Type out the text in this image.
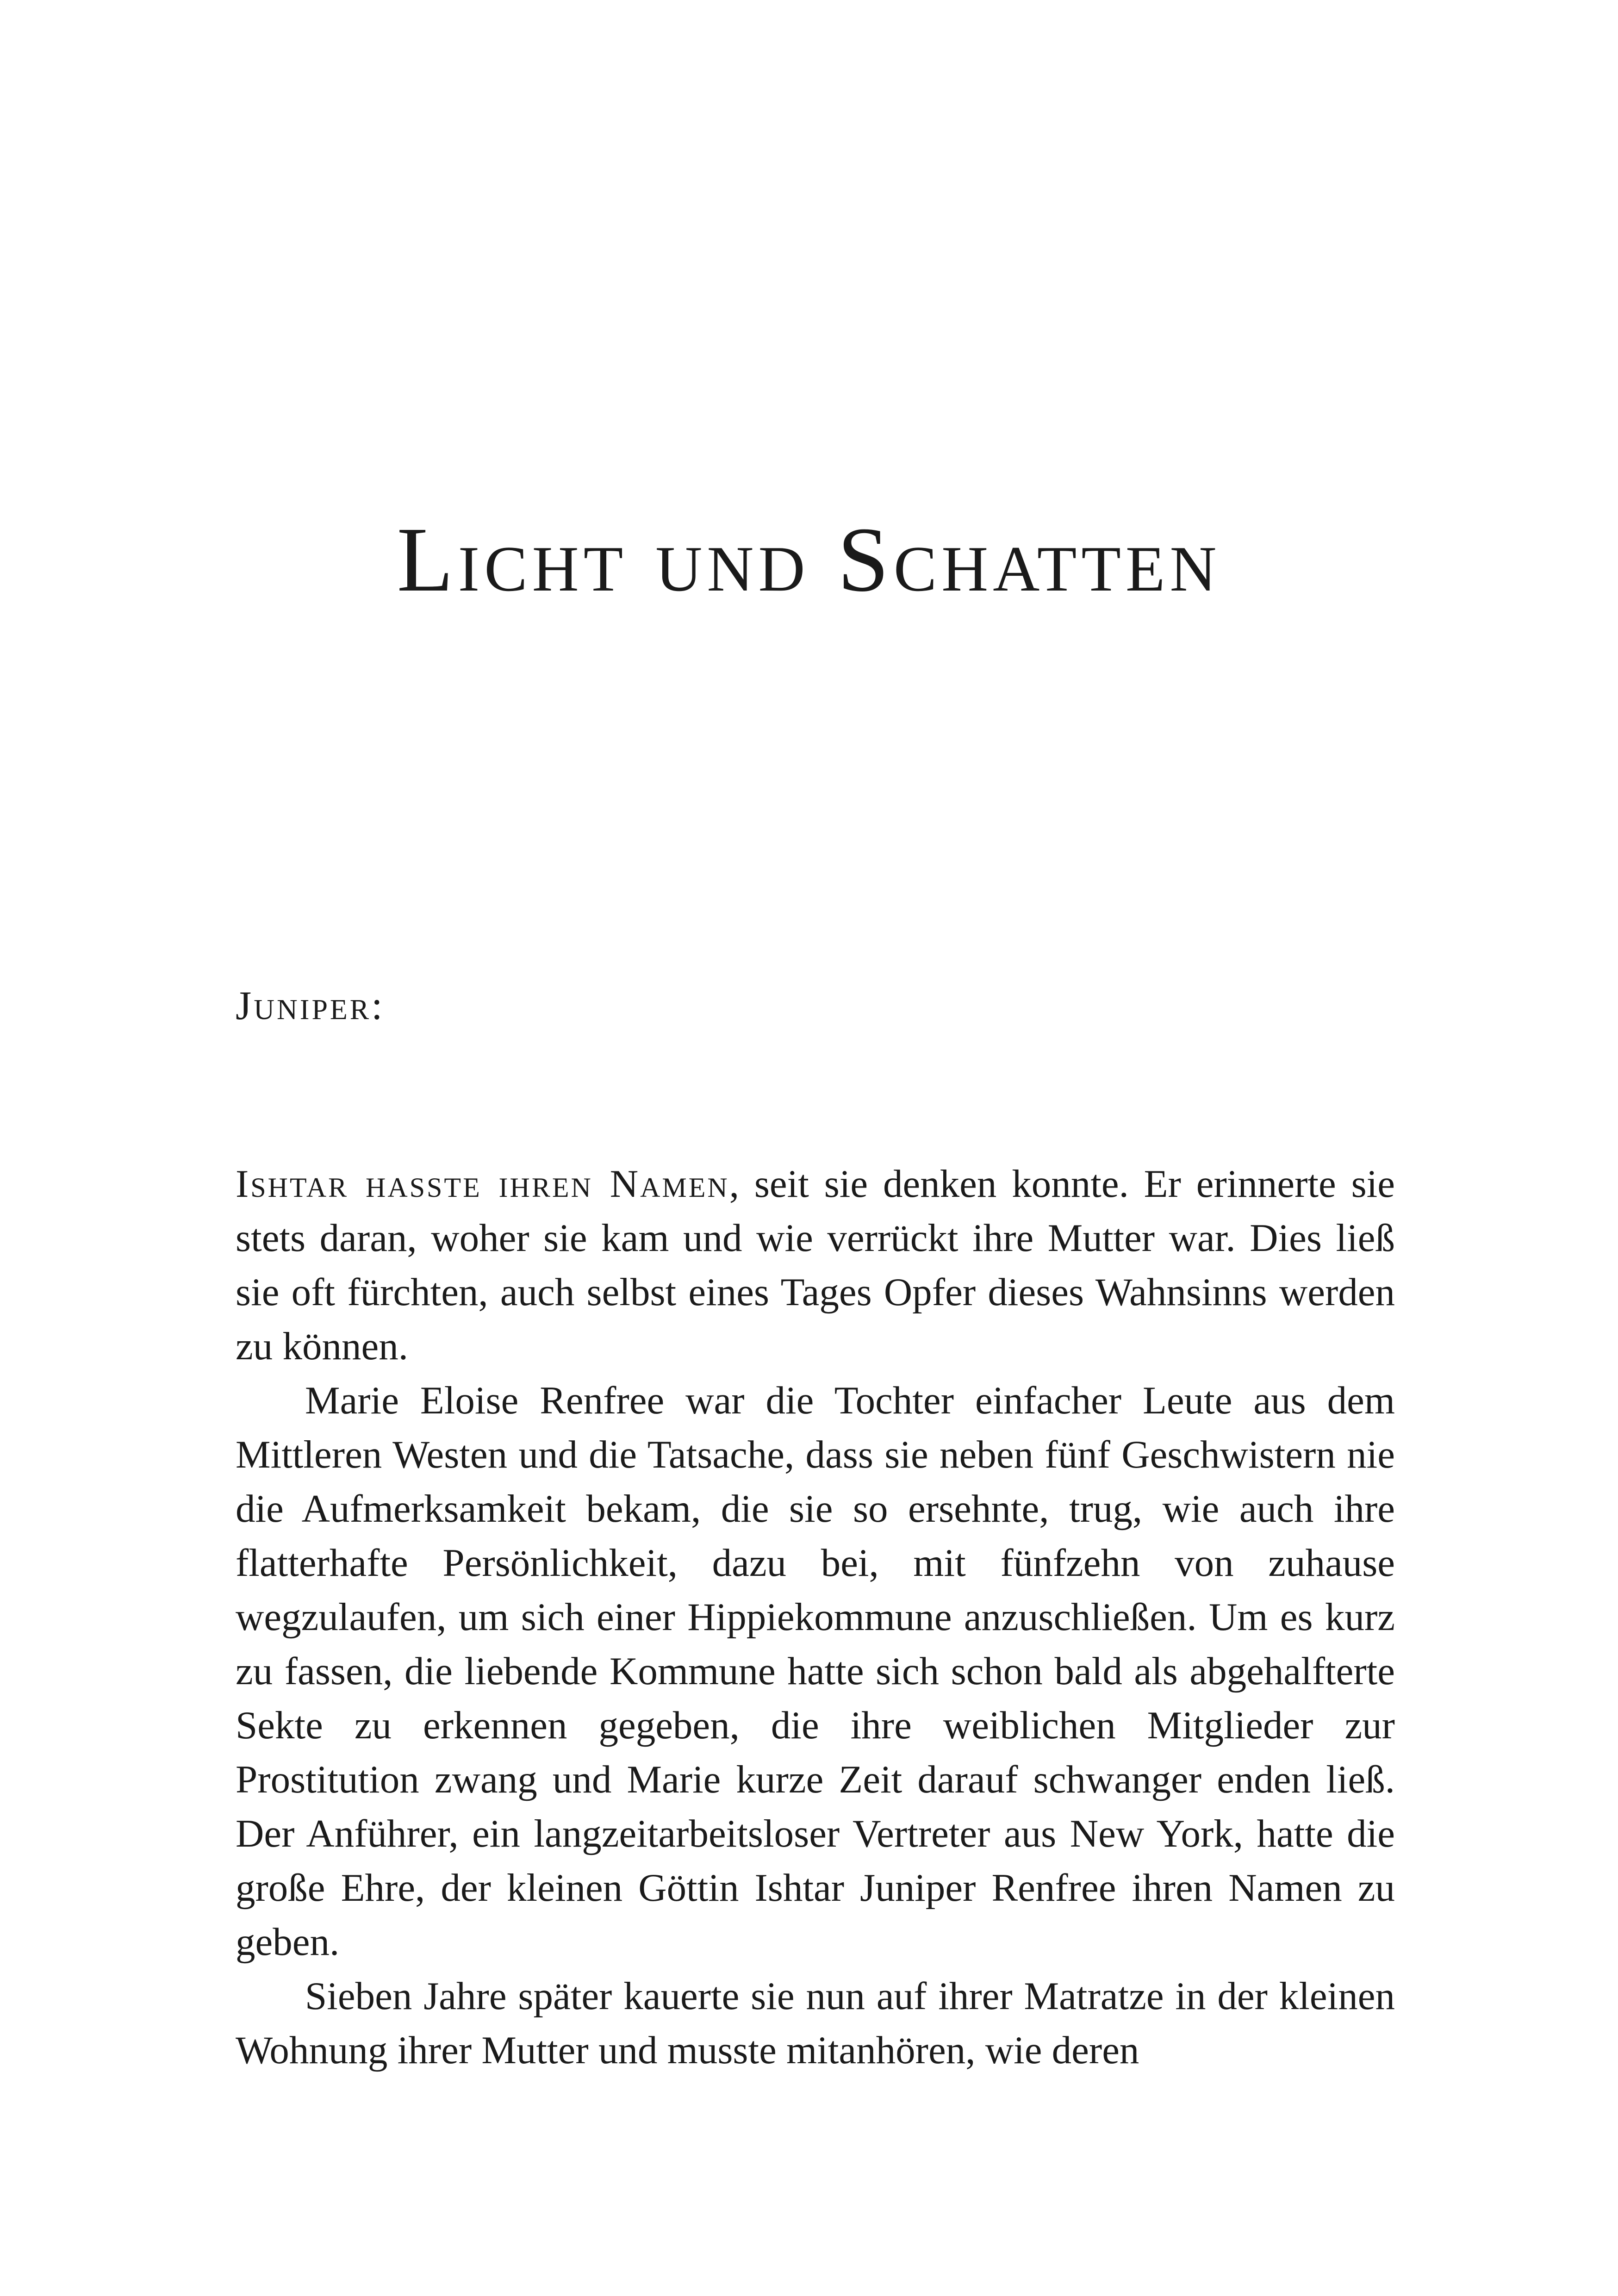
Licht und Schatten
Juniper:

Ishtar hasste ihren Namen, seit sie denken konnte. Er erinnerte sie stets daran, woher sie kam und wie verrückt ihre Mutter war. Dies ließ sie oft fürchten, auch selbst eines Tages Opfer dieses Wahnsinns werden zu können.

Marie Eloise Renfree war die Tochter einfacher Leute aus dem Mittleren Westen und die Tatsache, dass sie neben fünf Geschwistern nie die Aufmerksamkeit bekam, die sie so ersehnte, trug, wie auch ihre flatterhafte Persönlichkeit, dazu bei, mit fünfzehn von zuhause wegzulaufen, um sich einer Hippiekommune anzuschließen. Um es kurz zu fassen, die liebende Kommune hatte sich schon bald als abgehalfterte Sekte zu erkennen gegeben, die ihre weiblichen Mitglieder zur Prostitution zwang und Marie kurze Zeit darauf schwanger enden ließ. Der Anführer, ein langzeitarbeitsloser Vertreter aus New York, hatte die große Ehre, der kleinen Göttin Ishtar Juniper Renfree ihren Namen zu geben.

Sieben Jahre später kauerte sie nun auf ihrer Matratze in der kleinen Wohnung ihrer Mutter und musste mitanhören, wie deren
